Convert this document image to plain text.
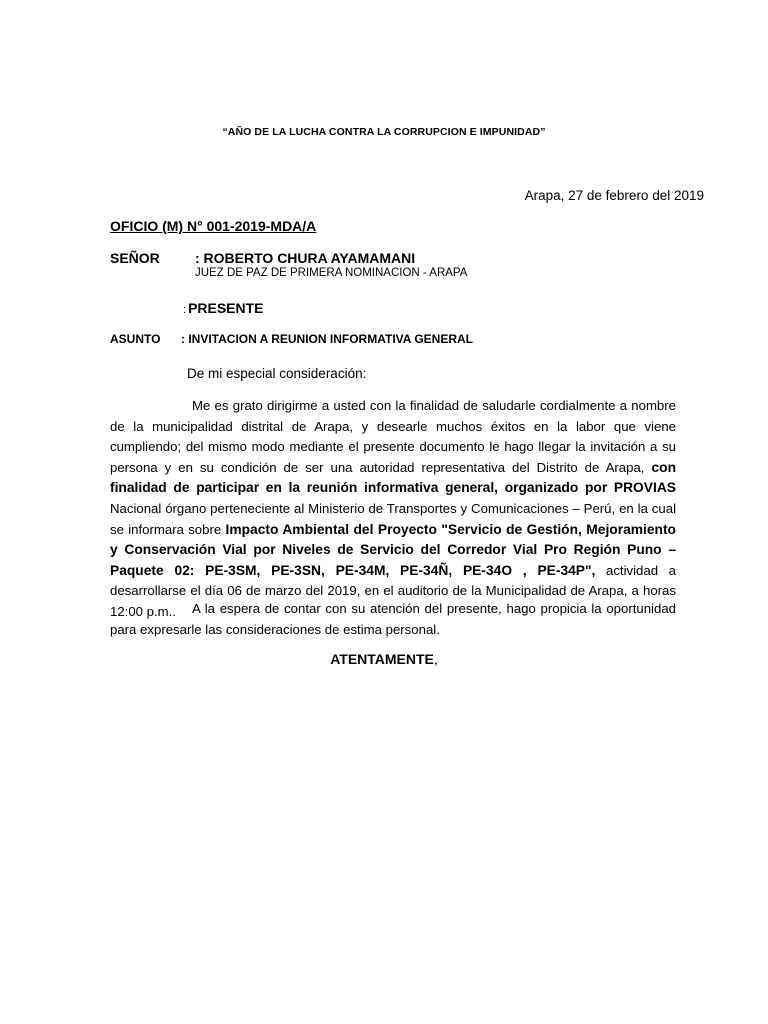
“AÑO DE LA LUCHA CONTRA LA CORRUPCION E IMPUNIDAD”
Arapa, 27 de febrero del 2019
OFICIO (M) N° 001-2019-MDA/A
SEÑOR	: ROBERTO CHURA AYAMAMANI
JUEZ DE PAZ DE PRIMERA NOMINACION - ARAPA
: PRESENTE
ASUNTO : INVITACION A REUNION INFORMATIVA GENERAL
De mi especial consideración:

Me es grato dirigirme a usted con la finalidad de saludarle cordialmente a nombre de la municipalidad distrital de Arapa, y desearle muchos éxitos en la labor que viene cumpliendo; del mismo modo mediante el presente documento le hago llegar la invitación a su persona y en su condición de ser una autoridad representativa del Distrito de Arapa, con finalidad de participar en la reunión informativa general, organizado por PROVIAS Nacional órgano perteneciente al Ministerio de Transportes y Comunicaciones – Perú, en la cual se informara sobre Impacto Ambiental del Proyecto "Servicio de Gestión, Mejoramiento y Conservación Vial por Niveles de Servicio del Corredor Vial Pro Región Puno – Paquete 02: PE-3SM, PE-3SN, PE-34M, PE-34Ñ, PE-34O , PE-34P", actividad a desarrollarse el día 06 de marzo del 2019, en el auditorio de la Municipalidad de Arapa, a horas 12:00 p.m..	A la espera de contar con su atención del presente, hago propicia la oportunidad para expresarle las consideraciones de estima personal.

ATENTAMENTE,
